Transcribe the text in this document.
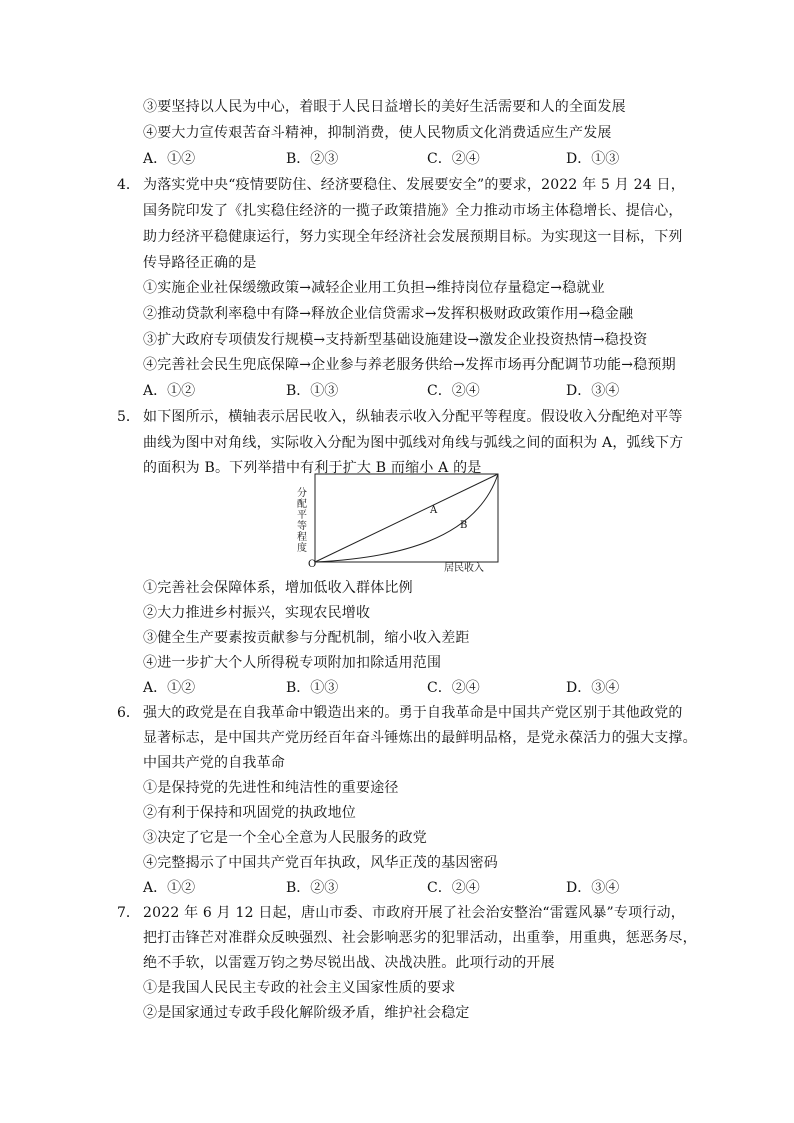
③要坚持以人民为中心，着眼于人民日益增长的美好生活需要和人的全面发展
④要大力宣传艰苦奋斗精神，抑制消费，使人民物质文化消费适应生产发展
A．①②	B．②③	C．②④	D．①③
4． 为落实党中央“疫情要防住、经济要稳住、发展要安全”的要求，2022 年 5 月 24 日，
国务院印发了《扎实稳住经济的一揽子政策措施》全力推动市场主体稳增长、提信心，
助力经济平稳健康运行，努力实现全年经济社会发展预期目标。为实现这一目标，下列
传导路径正确的是
①实施企业社保缓缴政策→减轻企业用工负担→维持岗位存量稳定→稳就业
②推动贷款利率稳中有降→释放企业信贷需求→发挥积极财政政策作用→稳金融
③扩大政府专项债发行规模→支持新型基础设施建设→激发企业投资热情→稳投资
④完善社会民生兜底保障→企业参与养老服务供给→发挥市场再分配调节功能→稳预期
A．①②	B．①③	C．②④	D．③④
5． 如下图所示，横轴表示居民收入，纵轴表示收入分配平等程度。假设收入分配绝对平等
曲线为图中对角线，实际收入分配为图中弧线对角线与弧线之间的面积为 A，弧线下方
的面积为 B。下列举措中有利于扩大 B 而缩小 A 的是
分
配
平
等
程
度
A
B
O	居民收入
①完善社会保障体系，增加低收入群体比例
②大力推进乡村振兴，实现农民增收
③健全生产要素按贡献参与分配机制，缩小收入差距
④进一步扩大个人所得税专项附加扣除适用范围
A．①②	B．①③	C．②④	D．③④
6． 强大的政党是在自我革命中锻造出来的。勇于自我革命是中国共产党区别于其他政党的
显著标志，是中国共产党历经百年奋斗锤炼出的最鲜明品格，是党永葆活力的强大支撑。
中国共产党的自我革命
①是保持党的先进性和纯洁性的重要途径
②有利于保持和巩固党的执政地位
③决定了它是一个全心全意为人民服务的政党
④完整揭示了中国共产党百年执政，风华正茂的基因密码
A．①②	B．②③	C．②④	D．③④
7． 2022 年 6 月 12 日起，唐山市委、市政府开展了社会治安整治“雷霆风暴”专项行动，
把打击锋芒对准群众反映强烈、社会影响恶劣的犯罪活动，出重拳，用重典，惩恶务尽，
绝不手软，以雷霆万钧之势尽锐出战、决战决胜。此项行动的开展
①是我国人民民主专政的社会主义国家性质的要求
②是国家通过专政手段化解阶级矛盾，维护社会稳定
